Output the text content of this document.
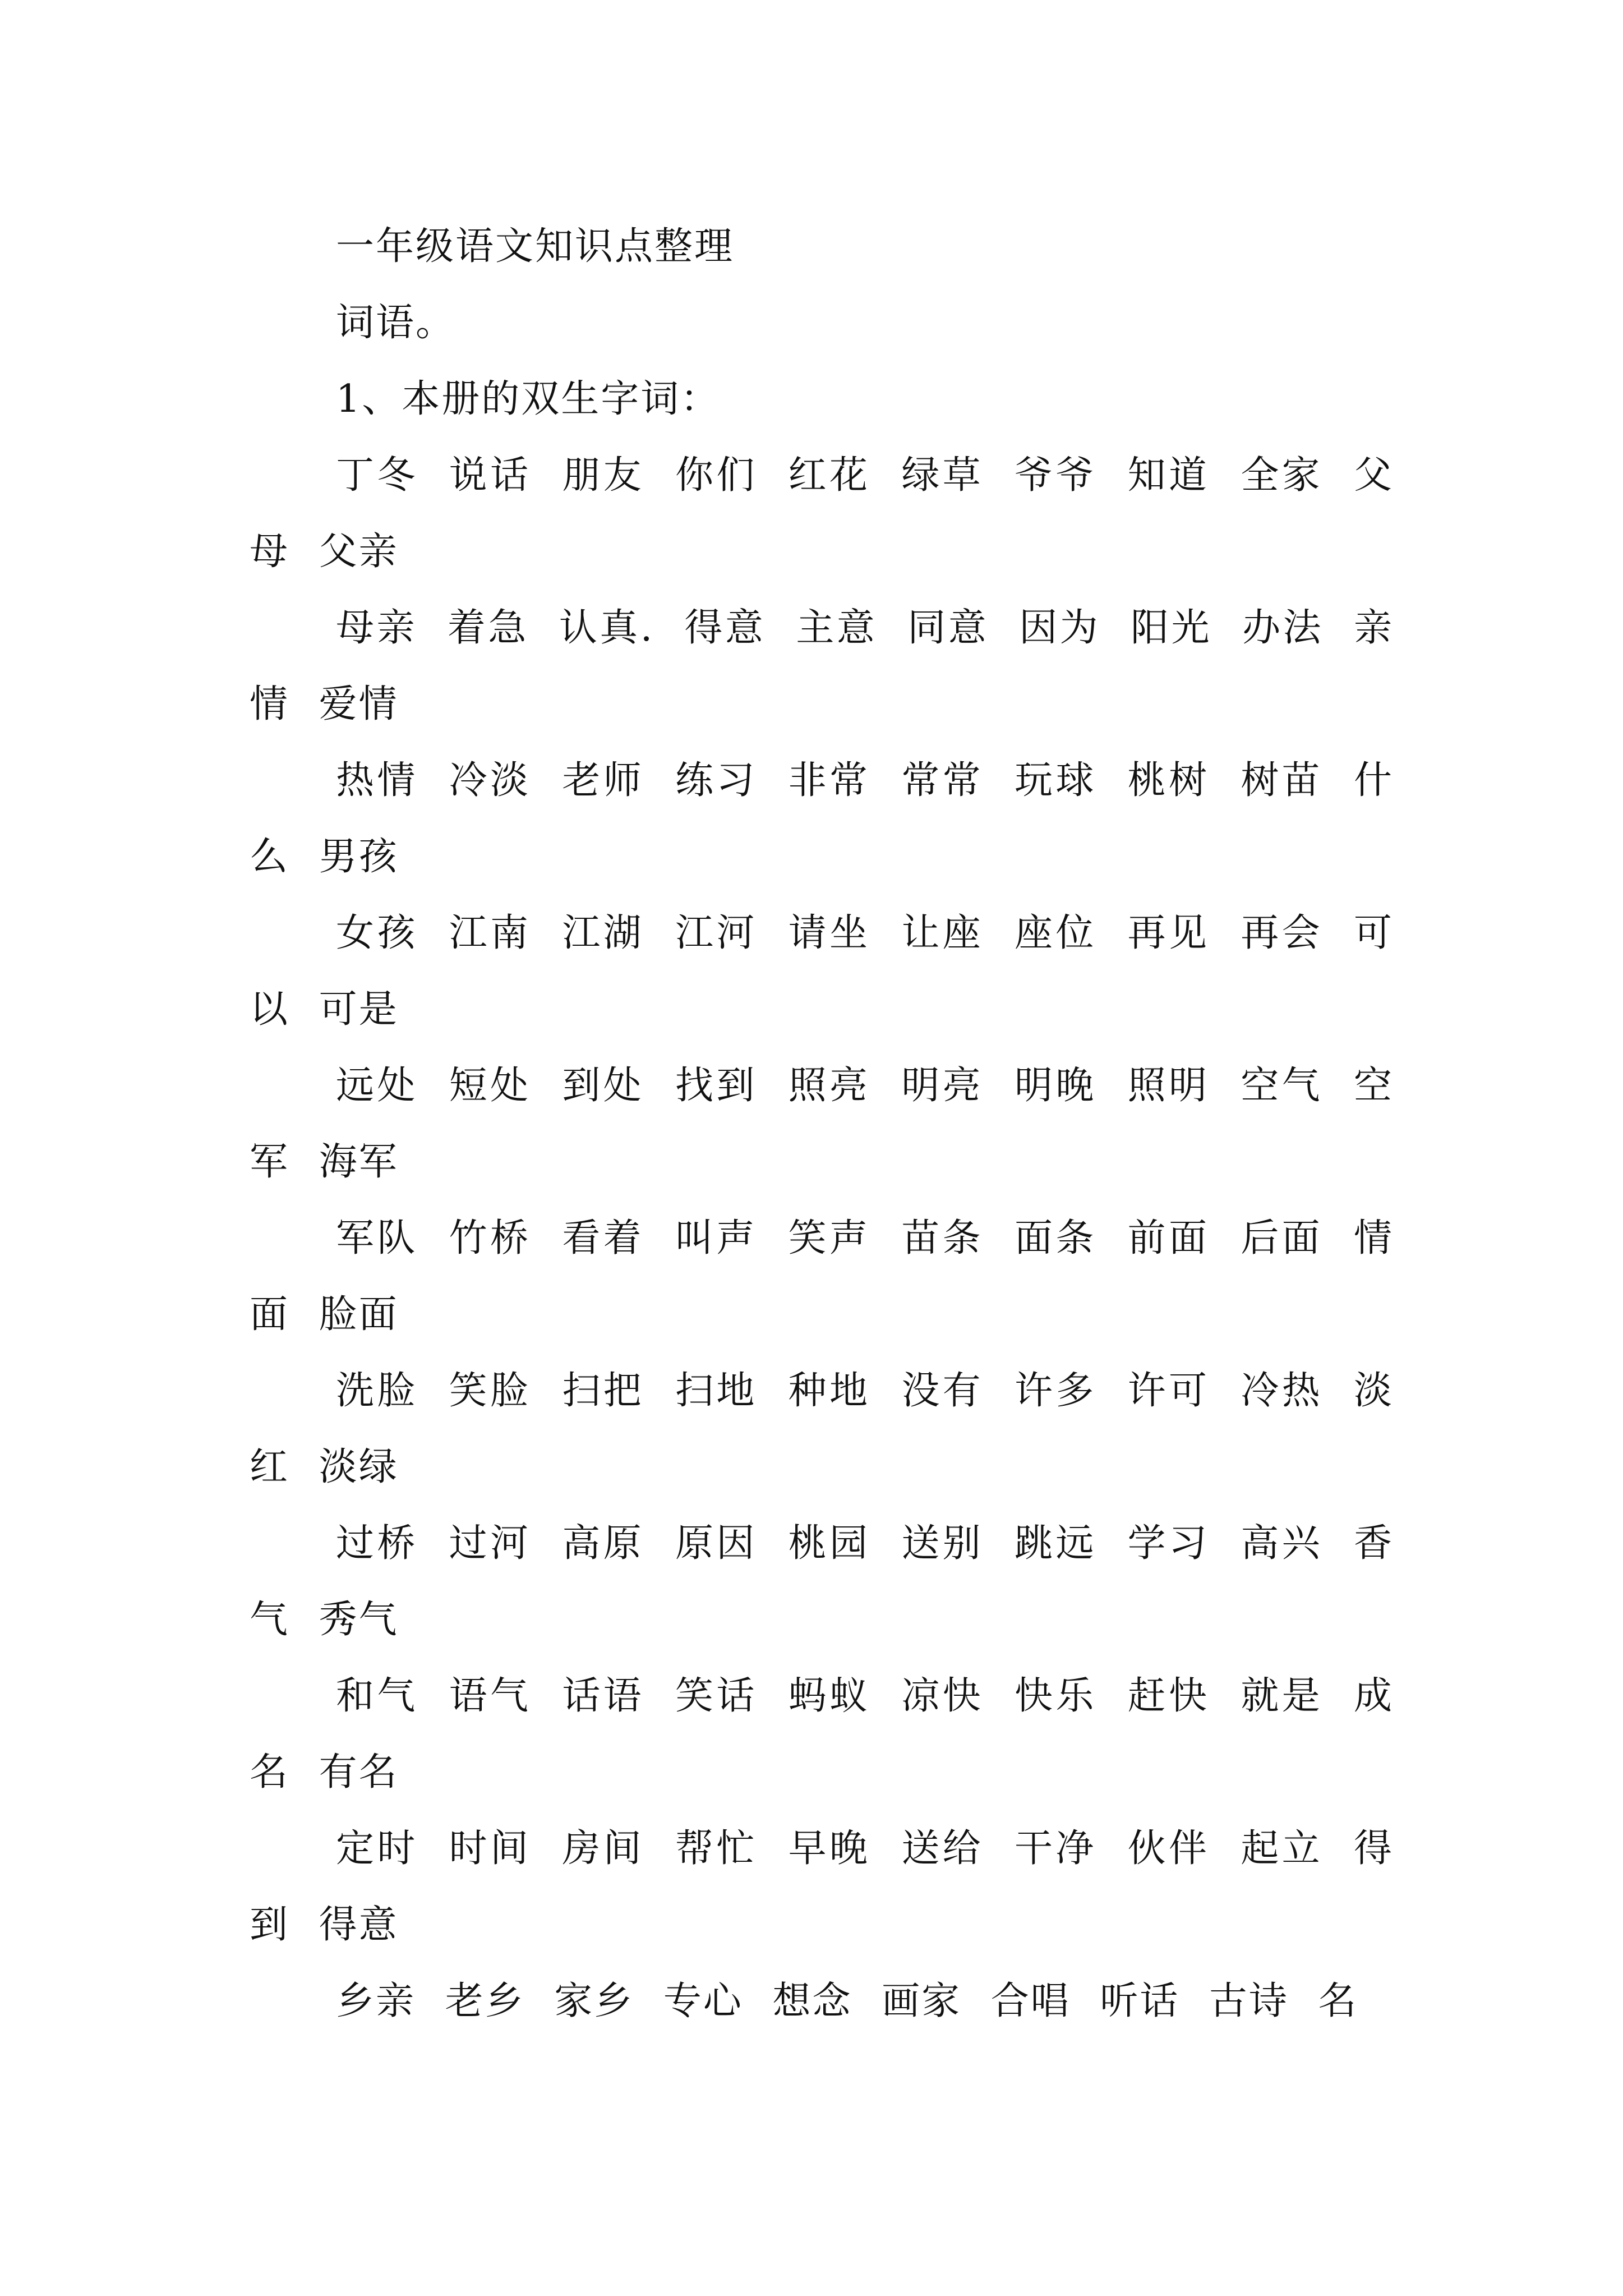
一年级语文知识点整理

词语。

1、本册的双生字词：

丁冬 说话 朋友 你们 红花 绿草 爷爷 知道 全家 父母 父亲

母亲 着急 认真. 得意 主意 同意 因为 阳光 办法 亲情 爱情

热情 冷淡 老师 练习 非常 常常 玩球 桃树 树苗 什么 男孩

女孩 江南 江湖 江河 请坐 让座 座位 再见 再会 可以 可是

远处 短处 到处 找到 照亮 明亮 明晚 照明 空气 空军 海军

军队 竹桥 看着 叫声 笑声 苗条 面条 前面 后面 情面 脸面

洗脸 笑脸 扫把 扫地 种地 没有 许多 许可 冷热 淡红 淡绿

过桥 过河 高原 原因 桃园 送别 跳远 学习 高兴 香气 秀气

和气 语气 话语 笑话 蚂蚁 凉快 快乐 赶快 就是 成名 有名

定时 时间 房间 帮忙 早晚 送给 干净 伙伴 起立 得到 得意

乡亲 老乡 家乡 专心 想念 画家 合唱 听话 古诗 名
